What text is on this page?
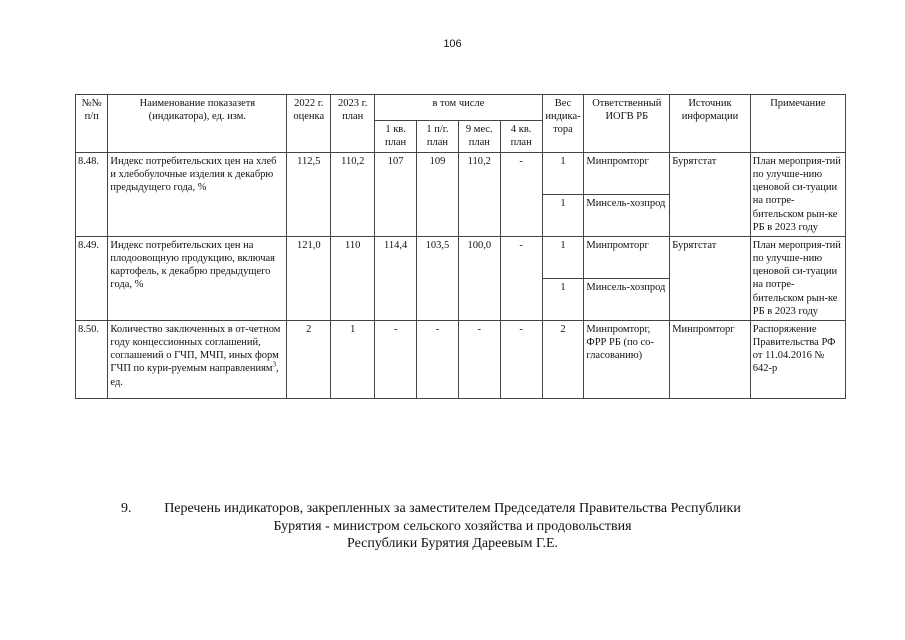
106
№№ п/п	Наименование показазетя (индикатора), ед. изм.	2022 г. оценка	2023 г. план	в том числе				Вес индика-тора	Ответственный ИОГВ РБ	Источник информации	Примечание
				1 кв. план	1 п/г. план	9 мес. план	4 кв. план				
8.48.	Индекс потребительских цен на хлеб и хлебобулочные изделия к декабрю предыдущего года, %	112,5	110,2	107	109	110,2	-	1	Минпромторг	Бурятстат	План мероприя-тий по улучше-нию ценовой си-туации на потре-бительском рын-ке РБ в 2023 году
								1	Минсель-хозпрод		
8.49.	Индекс потребительских цен на плодоовощную продукцию, включая картофель, к декабрю предыдущего года, %	121,0	110	114,4	103,5	100,0	-	1	Минпромторг	Бурятстат	План мероприя-тий по улучше-нию ценовой си-туации на потре-бительском рын-ке РБ в 2023 году
								1	Минсель-хозпрод		
8.50.	Количество заключенных в от-четном году концессионных соглашений, соглашений о ГЧП, МЧП, иных форм ГЧП по кури-руемым направлениям$^3$, ед.	2	1	-	-	-	-	2	Минпромторг, ФРР РБ (по со-гласованию)	Минпромторг	Распоряжение Правительства РФ от 11.04.2016 № 642-р
9.	Перечень индикаторов, закрепленных за заместителем Председателя Правительства Республики
Бурятия - министром сельского хозяйства и продовольствия
Республики Бурятия Дареевым Г.Е.
